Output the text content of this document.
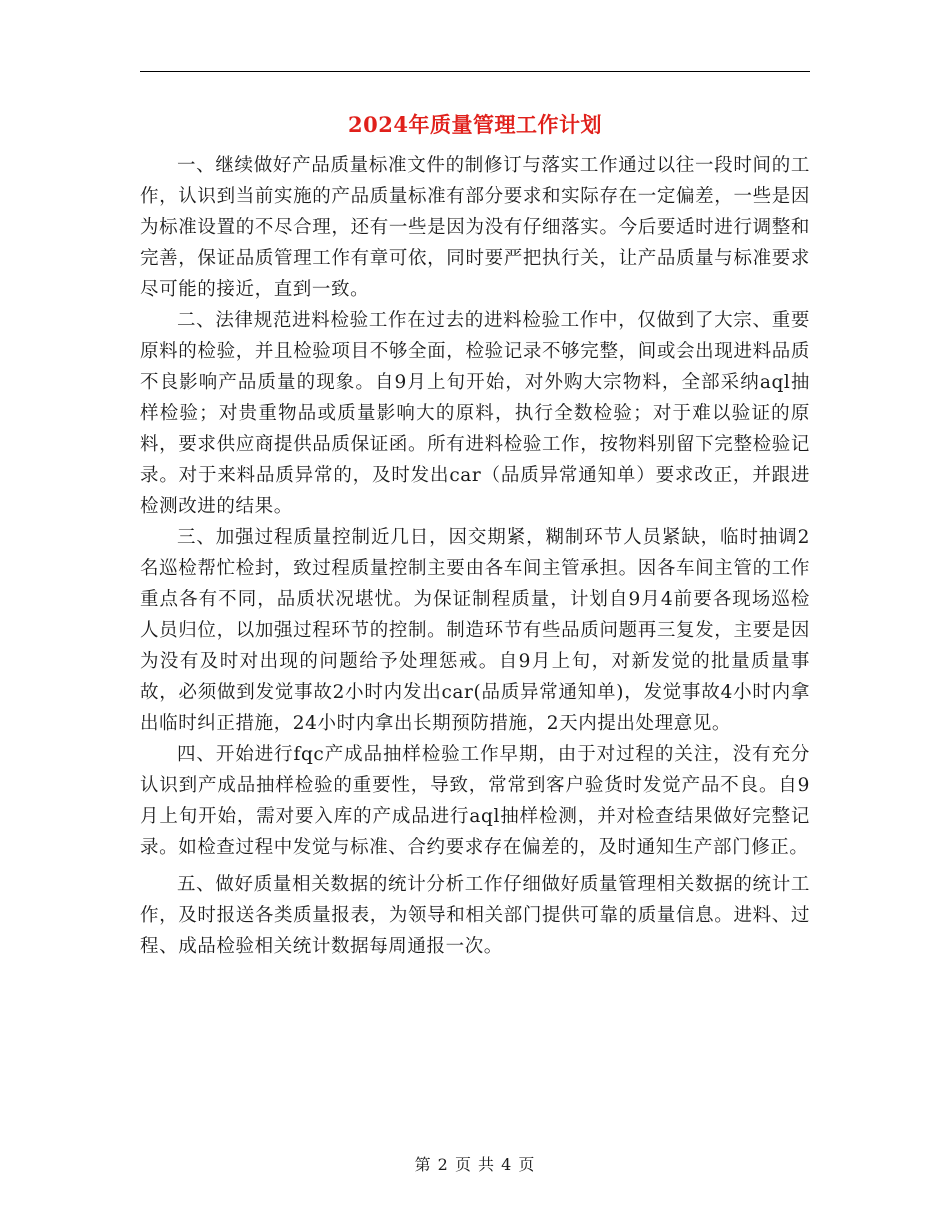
2024年质量管理工作计划

一、继续做好产品质量标准文件的制修订与落实工作通过以往一段时间的工作，认识到当前实施的产品质量标准有部分要求和实际存在一定偏差，一些是因为标准设置的不尽合理，还有一些是因为没有仔细落实。今后要适时进行调整和完善，保证品质管理工作有章可依，同时要严把执行关，让产品质量与标准要求尽可能的接近，直到一致。

二、法律规范进料检验工作在过去的进料检验工作中，仅做到了大宗、重要原料的检验，并且检验项目不够全面，检验记录不够完整，间或会出现进料品质不良影响产品质量的现象。自9月上旬开始，对外购大宗物料，全部采纳aql抽样检验；对贵重物品或质量影响大的原料，执行全数检验；对于难以验证的原料，要求供应商提供品质保证函。所有进料检验工作，按物料别留下完整检验记录。对于来料品质异常的，及时发出car（品质异常通知单）要求改正，并跟进检测改进的结果。

三、加强过程质量控制近几日，因交期紧，糊制环节人员紧缺，临时抽调2名巡检帮忙检封，致过程质量控制主要由各车间主管承担。因各车间主管的工作重点各有不同，品质状况堪忧。为保证制程质量，计划自9月4前要各现场巡检人员归位，以加强过程环节的控制。制造环节有些品质问题再三复发，主要是因为没有及时对出现的问题给予处理惩戒。自9月上旬，对新发觉的批量质量事故，必须做到发觉事故2小时内发出car(品质异常通知单)，发觉事故4小时内拿出临时纠正措施，24小时内拿出长期预防措施，2天内提出处理意见。

四、开始进行fqc产成品抽样检验工作早期，由于对过程的关注，没有充分认识到产成品抽样检验的重要性，导致，常常到客户验货时发觉产品不良。自9月上旬开始，需对要入库的产成品进行aql抽样检测，并对检查结果做好完整记录。如检查过程中发觉与标准、合约要求存在偏差的，及时通知生产部门修正。

五、做好质量相关数据的统计分析工作仔细做好质量管理相关数据的统计工作，及时报送各类质量报表，为领导和相关部门提供可靠的质量信息。进料、过程、成品检验相关统计数据每周通报一次。

第 2 页 共 4 页
